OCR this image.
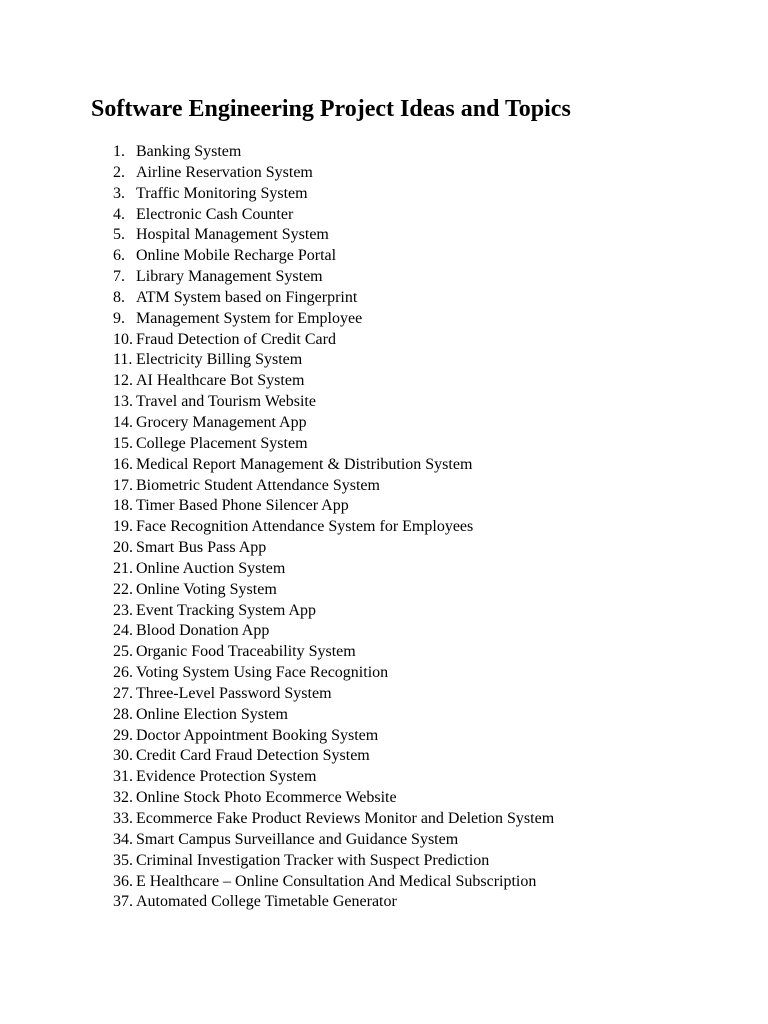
Software Engineering Project Ideas and Topics
1. Banking System
2. Airline Reservation System
3. Traffic Monitoring System
4. Electronic Cash Counter
5. Hospital Management System
6. Online Mobile Recharge Portal
7. Library Management System
8. ATM System based on Fingerprint
9. Management System for Employee
10. Fraud Detection of Credit Card
11. Electricity Billing System
12. AI Healthcare Bot System
13. Travel and Tourism Website
14. Grocery Management App
15. College Placement System
16. Medical Report Management & Distribution System
17. Biometric Student Attendance System
18. Timer Based Phone Silencer App
19. Face Recognition Attendance System for Employees
20. Smart Bus Pass App
21. Online Auction System
22. Online Voting System
23. Event Tracking System App
24. Blood Donation App
25. Organic Food Traceability System
26. Voting System Using Face Recognition
27. Three-Level Password System
28. Online Election System
29. Doctor Appointment Booking System
30. Credit Card Fraud Detection System
31. Evidence Protection System
32. Online Stock Photo Ecommerce Website
33. Ecommerce Fake Product Reviews Monitor and Deletion System
34. Smart Campus Surveillance and Guidance System
35. Criminal Investigation Tracker with Suspect Prediction
36. E Healthcare – Online Consultation And Medical Subscription
37. Automated College Timetable Generator
